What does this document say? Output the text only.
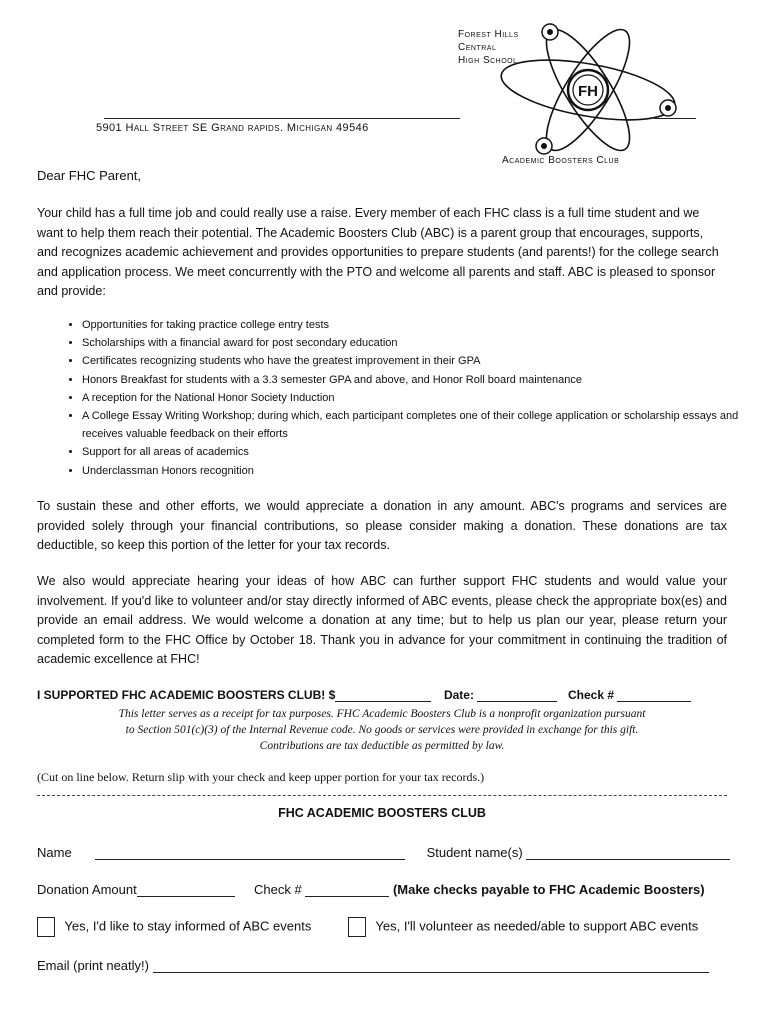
Forest Hills
Central
High School
FH
5901 Hall Street SE Grand rapids. Michigan 49546
Academic Boosters Club
Dear FHC Parent,
Your child has a full time job and could really use a raise. Every member of each FHC class is a full time student and we want to help them reach their potential. The Academic Boosters Club (ABC) is a parent group that encourages, supports, and recognizes academic achievement and provides opportunities to prepare students (and parents!) for the college search and application process. We meet concurrently with the PTO and welcome all parents and staff. ABC is pleased to sponsor and provide:
• Opportunities for taking practice college entry tests
• Scholarships with a financial award for post secondary education
• Certificates recognizing students who have the greatest improvement in their GPA
• Honors Breakfast for students with a 3.3 semester GPA and above, and Honor Roll board maintenance
• A reception for the National Honor Society Induction
• A College Essay Writing Workshop; during which, each participant completes one of their college application or scholarship essays and receives valuable feedback on their efforts
• Support for all areas of academics
• Underclassman Honors recognition
To sustain these and other efforts, we would appreciate a donation in any amount. ABC's programs and services are provided solely through your financial contributions, so please consider making a donation. These donations are tax deductible, so keep this portion of the letter for your tax records.
We also would appreciate hearing your ideas of how ABC can further support FHC students and would value your involvement. If you'd like to volunteer and/or stay directly informed of ABC events, please check the appropriate box(es) and provide an email address. We would welcome a donation at any time; but to help us plan our year, please return your completed form to the FHC Office by October 18. Thank you in advance for your commitment in continuing the tradition of academic excellence at FHC!
I SUPPORTED FHC ACADEMIC BOOSTERS CLUB! $	Date:	Check #
This letter serves as a receipt for tax purposes. FHC Academic Boosters Club is a nonprofit organization pursuant
to Section 501(c)(3) of the Internal Revenue code. No goods or services were provided in exchange for this gift.
Contributions are tax deductible as permitted by law.
(Cut on line below. Return slip with your check and keep upper portion for your tax records.)
FHC ACADEMIC BOOSTERS CLUB
Name	Student name(s)
Donation Amount	Check #	(Make checks payable to FHC Academic Boosters)
Yes, I'd like to stay informed of ABC events	Yes, I'll volunteer as needed/able to support ABC events
Email (print neatly!)
